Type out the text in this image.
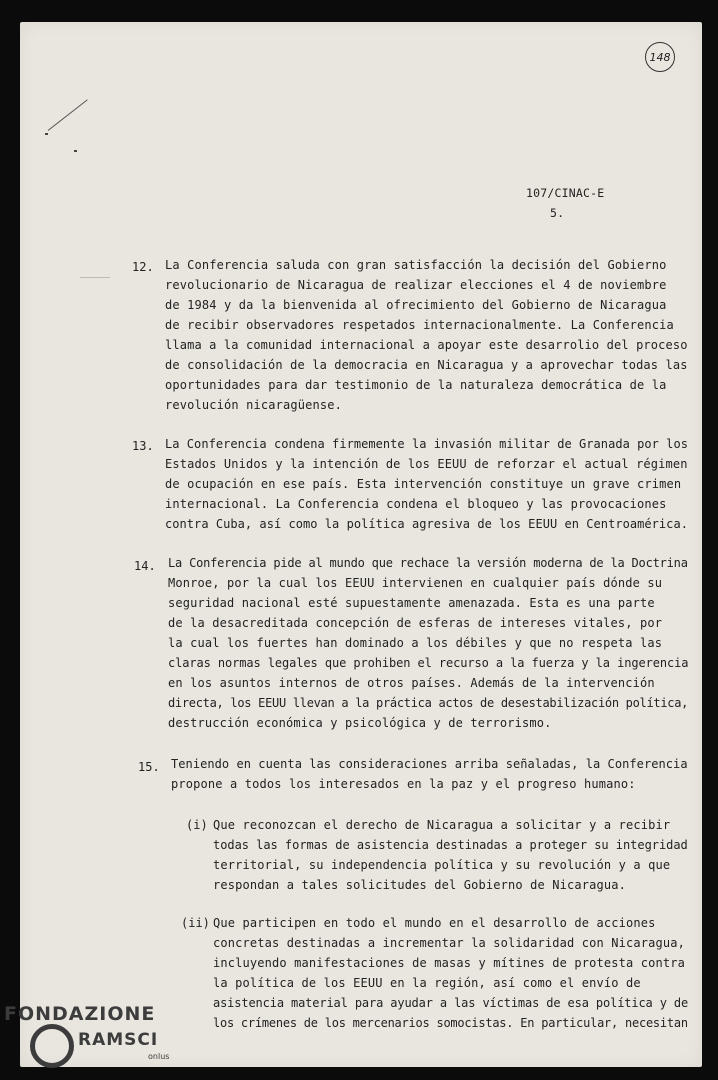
148
107/CINAC-E
5.
12. La Conferencia saluda con gran satisfacción la decisión del Gobierno
revolucionario de Nicaragua de realizar elecciones el 4 de noviembre
de 1984 y da la bienvenida al ofrecimiento del Gobierno de Nicaragua
de recibir observadores respetados internacionalmente. La Conferencia
llama a la comunidad internacional a apoyar este desarrolio del proceso
de consolidación de la democracia en Nicaragua y a aprovechar todas las
oportunidades para dar testimonio de la naturaleza democrática de la
revolución nicaragüense.
13. La Conferencia condena firmemente la invasión militar de Granada por los
Estados Unidos y la intención de los EEUU de reforzar el actual régimen
de ocupación en ese país. Esta intervención constituye un grave crimen
internacional. La Conferencia condena el bloqueo y las provocaciones
contra Cuba, así como la política agresiva de los EEUU en Centroamérica.
14. La Conferencia pide al mundo que rechace la versión moderna de la Doctrina
Monroe, por la cual los EEUU intervienen en cualquier país dónde su
seguridad nacional esté supuestamente amenazada. Esta es una parte
de la desacreditada concepción de esferas de intereses vitales, por
la cual los fuertes han dominado a los débiles y que no respeta las
claras normas legales que prohiben el recurso a la fuerza y la ingerencia
en los asuntos internos de otros países. Además de la intervención
directa, los EEUU llevan a la práctica actos de desestabilización política,
destrucción económica y psicológica y de terrorismo.
15. Teniendo en cuenta las consideraciones arriba señaladas, la Conferencia
propone a todos los interesados en la paz y el progreso humano:
(i) Que reconozcan el derecho de Nicaragua a solicitar y a recibir
todas las formas de asistencia destinadas a proteger su integridad
territorial, su independencia política y su revolución y a que
respondan a tales solicitudes del Gobierno de Nicaragua.
(ii) Que participen en todo el mundo en el desarrollo de acciones
concretas destinadas a incrementar la solidaridad con Nicaragua,
incluyendo manifestaciones de masas y mítines de protesta contra
la política de los EEUU en la región, así como el envío de
asistencia material para ayudar a las víctimas de esa política y de
los crímenes de los mercenarios somocistas. En particular, necesitan
FONDAZIONE
RAMSCI
onlus
